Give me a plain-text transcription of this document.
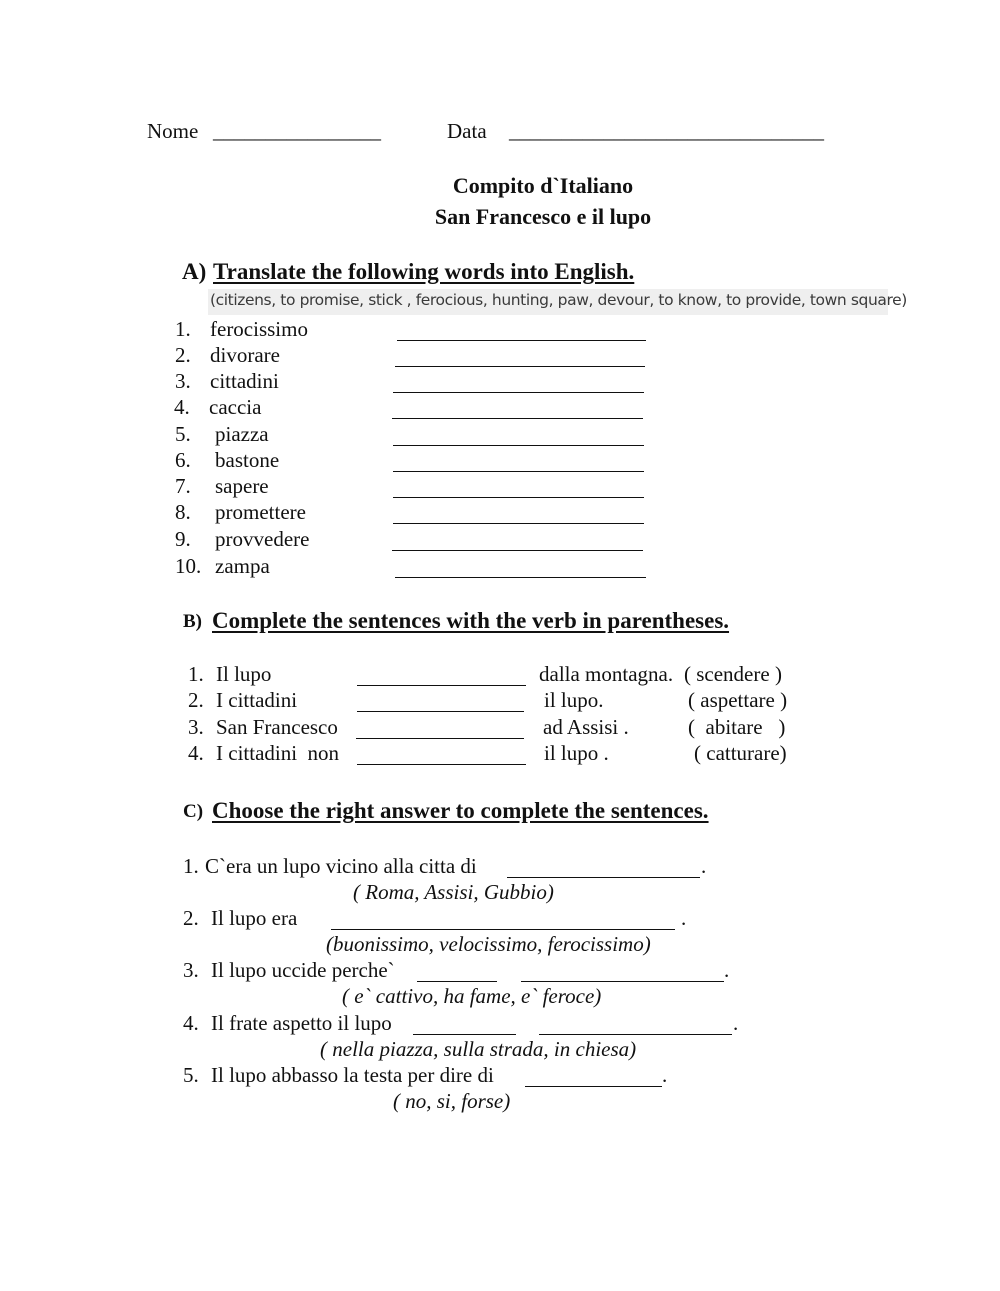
Nome ________________	Data ______________________________
Compito d`Italiano
San Francesco e il lupo
A) Translate the following words into English.
(citizens, to promise, stick , ferocious, hunting, paw, devour, to know, to provide, town square)
1. ferocissimo
2. divorare
3. cittadini
4. caccia
5. piazza
6. bastone
7. sapere
8. promettere
9. provvedere
10. zampa
B) Complete the sentences with the verb in parentheses.
1. Il lupo	dalla montagna. ( scendere )
2. I cittadini	il lupo.	( aspettare )
3. San Francesco	ad Assisi .	(  abitare   )
4. I cittadini  non	il lupo .	( catturare)
C) Choose the right answer to complete the sentences.
1. C`era un lupo vicino alla citta di	.
( Roma, Assisi, Gubbio)
2. Il lupo era	.
(buonissimo, velocissimo, ferocissimo)
3. Il lupo uccide perche`	.
( e` cattivo, ha fame, e` feroce)
4. Il frate aspetto il lupo	.
( nella piazza, sulla strada, in chiesa)
5. Il lupo abbasso la testa per dire di	.
( no, si, forse)
